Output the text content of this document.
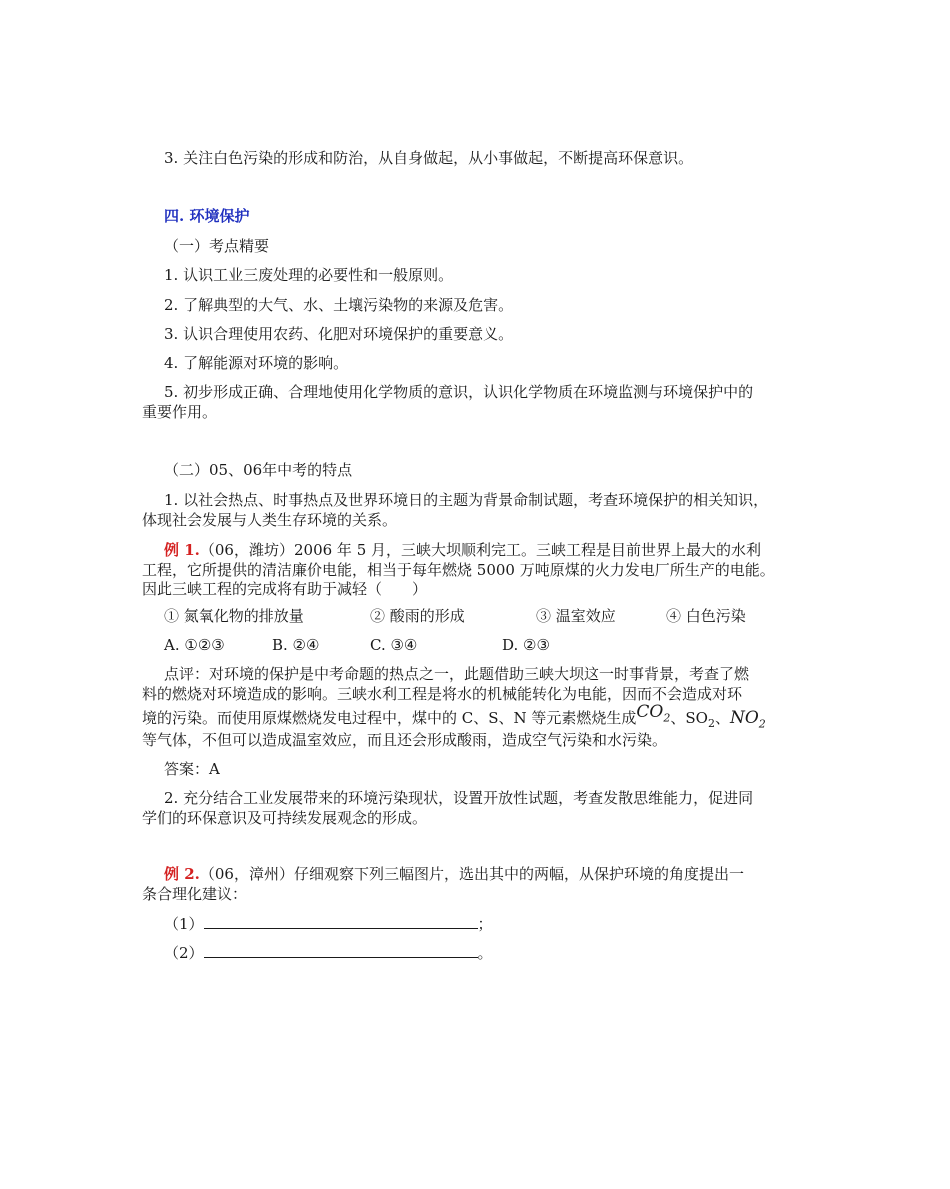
3. 关注白色污染的形成和防治，从自身做起，从小事做起，不断提高环保意识。
四. 环境保护
（一）考点精要
1. 认识工业三废处理的必要性和一般原则。
2. 了解典型的大气、水、土壤污染物的来源及危害。
3. 认识合理使用农药、化肥对环境保护的重要意义。
4. 了解能源对环境的影响。
5. 初步形成正确、合理地使用化学物质的意识，认识化学物质在环境监测与环境保护中的
重要作用。
（二）05、06年中考的特点
1. 以社会热点、时事热点及世界环境日的主题为背景命制试题，考查环境保护的相关知识，
体现社会发展与人类生存环境的关系。
例 1.（06，潍坊）2006 年 5 月，三峡大坝顺利完工。三峡工程是目前世界上最大的水利
工程，它所提供的清洁廉价电能，相当于每年燃烧 5000 万吨原煤的火力发电厂所生产的电能。
因此三峡工程的完成将有助于减轻（　　）
① 氮氧化物的排放量	② 酸雨的形成	③ 温室效应	④ 白色污染
A. ①②③	B. ②④	C. ③④	D. ②③
点评：对环境的保护是中考命题的热点之一，此题借助三峡大坝这一时事背景，考查了燃
料的燃烧对环境造成的影响。三峡水利工程是将水的机械能转化为电能，因而不会造成对环
境的污染。而使用原煤燃烧发电过程中，煤中的 C、S、N 等元素燃烧生成$CO_2$、$SO_2$、$NO_2$
等气体，不但可以造成温室效应，而且还会形成酸雨，造成空气污染和水污染。
答案：A
2. 充分结合工业发展带来的环境污染现状，设置开放性试题，考查发散思维能力，促进同
学们的环保意识及可持续发展观念的形成。
例 2.（06，漳州）仔细观察下列三幅图片，选出其中的两幅，从保护环境的角度提出一
条合理化建议：
（1）	；
（2）	。
